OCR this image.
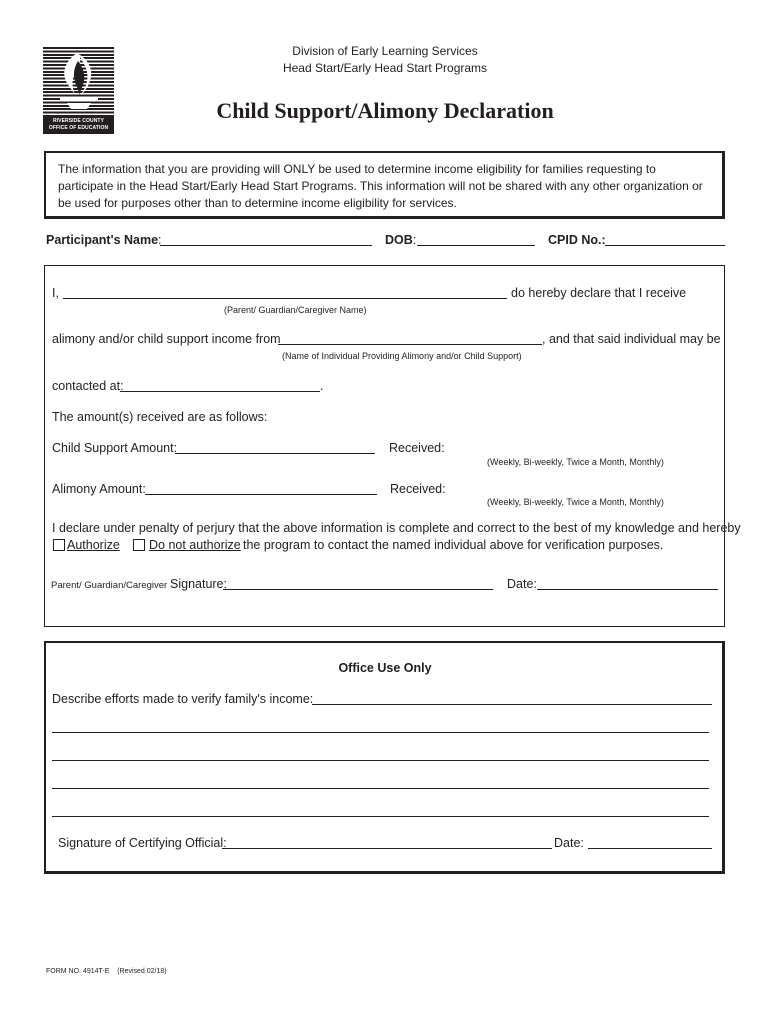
RIVERSIDE COUNTY
OFFICE OF EDUCATION
Division of Early Learning Services
Head Start/Early Head Start Programs
Child Support/Alimony Declaration
The information that you are providing will ONLY be used to determine income eligibility for families requesting to participate in the Head Start/Early Head Start Programs. This information will not be shared with any other organization or be used for purposes other than to determine income eligibility for services.
Participant's Name:	DOB:	CPID No.:
I,	do hereby declare that I receive
(Parent/ Guardian/Caregiver Name)
alimony and/or child support income from	, and that said individual may be
(Name of Individual Providing Alimony and/or Child Support)
contacted at:	.
The amount(s) received are as follows:
Child Support Amount:	Received:
(Weekly, Bi-weekly, Twice a Month, Monthly)
Alimony Amount:	Received:
(Weekly, Bi-weekly, Twice a Month, Monthly)
I declare under penalty of perjury that the above information is complete and correct to the best of my knowledge and hereby
Authorize Do not authorize the program to contact the named individual above for verification purposes.
Parent/ Guardian/Caregiver Signature:	Date:
Office Use Only
Describe efforts made to verify family's income:
Signature of Certifying Official:	Date:
FORM NO. 4914T-E (Revised 02/18)
